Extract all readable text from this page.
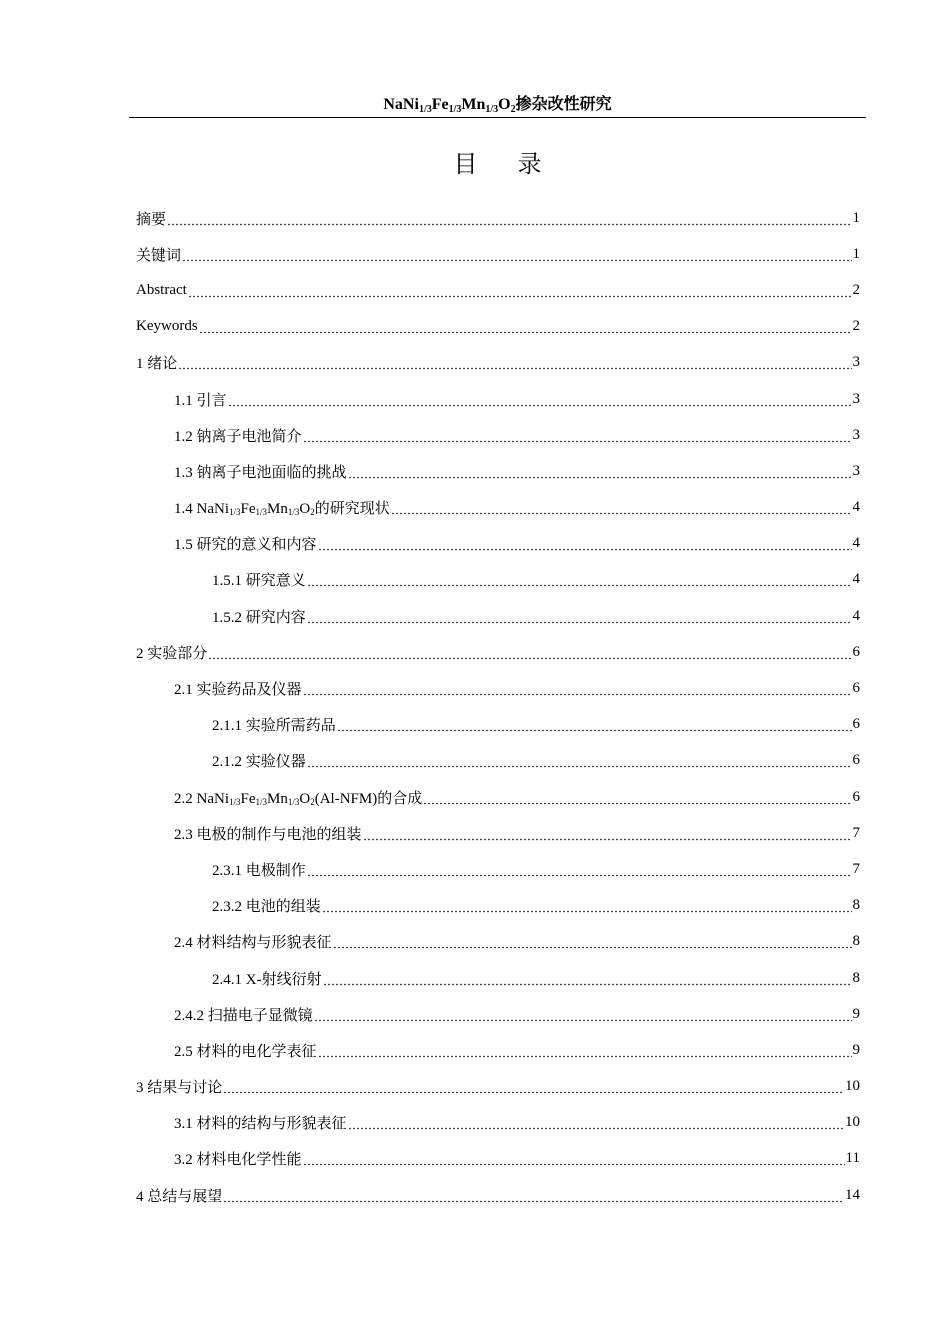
$NaNi_{1/3}Fe_{1/3}Mn_{1/3}O_2$掺杂改性研究
目录
摘要	1
关键词	1
Abstract	2
Keywords	2
1 绪论	3
1.1 引言	3
1.2 钠离子电池简介	3
1.3 钠离子电池面临的挑战	3
1.4 $NaNi_{1/3}Fe_{1/3}Mn_{1/3}O_2$的研究现状	4
1.5 研究的意义和内容	4
1.5.1 研究意义	4
1.5.2 研究内容	4
2 实验部分	6
2.1 实验药品及仪器	6
2.1.1 实验所需药品	6
2.1.2 实验仪器	6
2.2 $NaNi_{1/3}Fe_{1/3}Mn_{1/3}O_2(Al-NFM)$的合成	6
2.3 电极的制作与电池的组装	7
2.3.1 电极制作	7
2.3.2 电池的组装	8
2.4 材料结构与形貌表征	8
2.4.1 X-射线衍射	8
2.4.2 扫描电子显微镜	9
2.5 材料的电化学表征	9
3 结果与讨论	10
3.1 材料的结构与形貌表征	10
3.2 材料电化学性能	11
4 总结与展望	14
